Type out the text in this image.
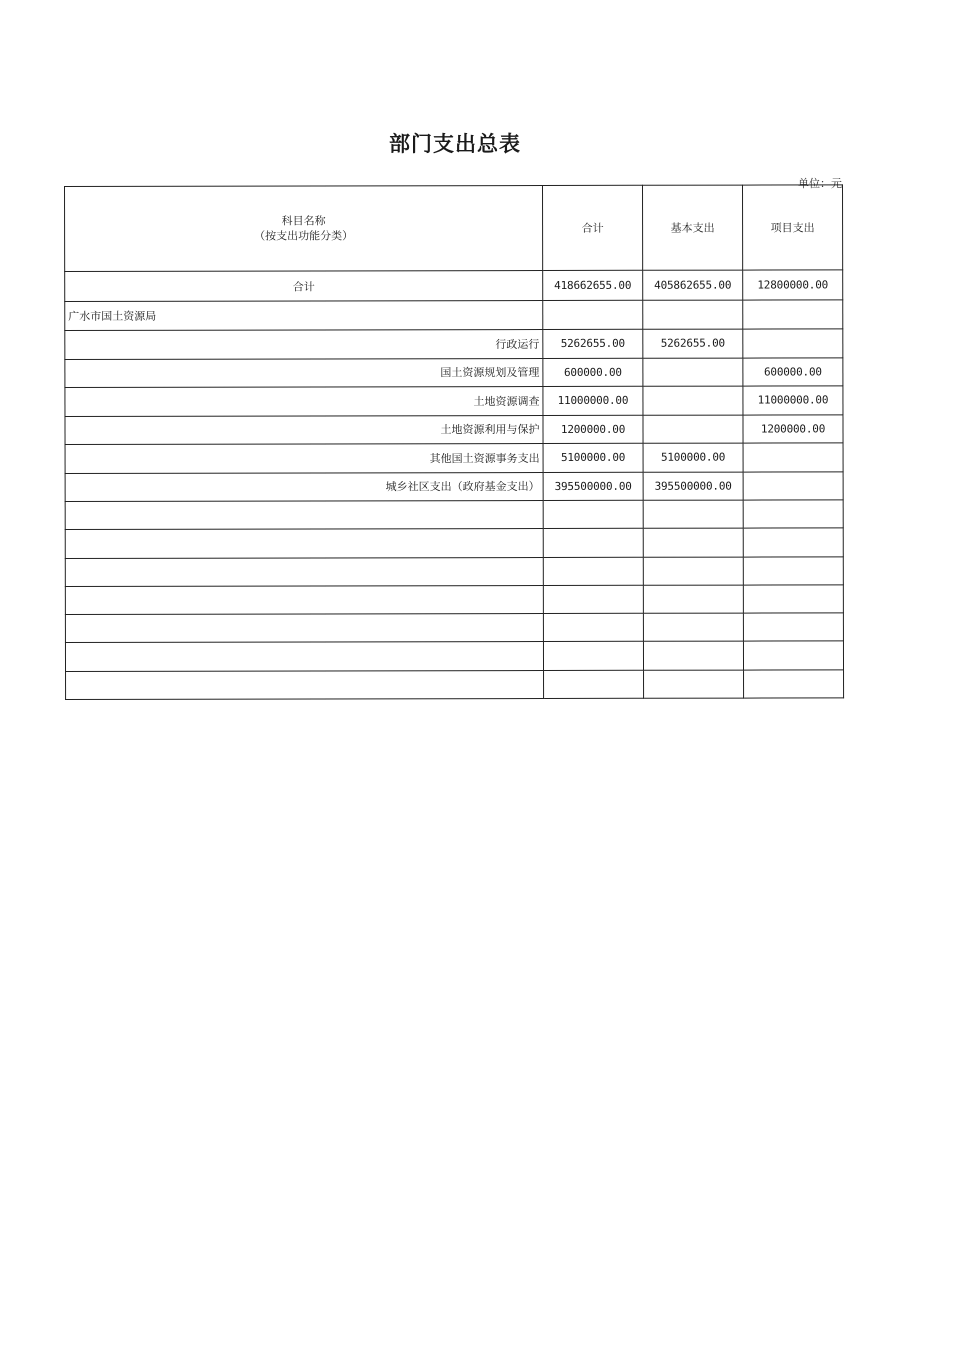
部门支出总表
单位：元
科目名称
（按支出功能分类）	合计	基本支出	项目支出
合计	418662655.00	405862655.00	12800000.00
广水市国土资源局			
行政运行	5262655.00	5262655.00	
国土资源规划及管理	600000.00		600000.00
土地资源调查	11000000.00		11000000.00
土地资源利用与保护	1200000.00		1200000.00
其他国土资源事务支出	5100000.00	5100000.00	
城乡社区支出（政府基金支出）	395500000.00	395500000.00	
